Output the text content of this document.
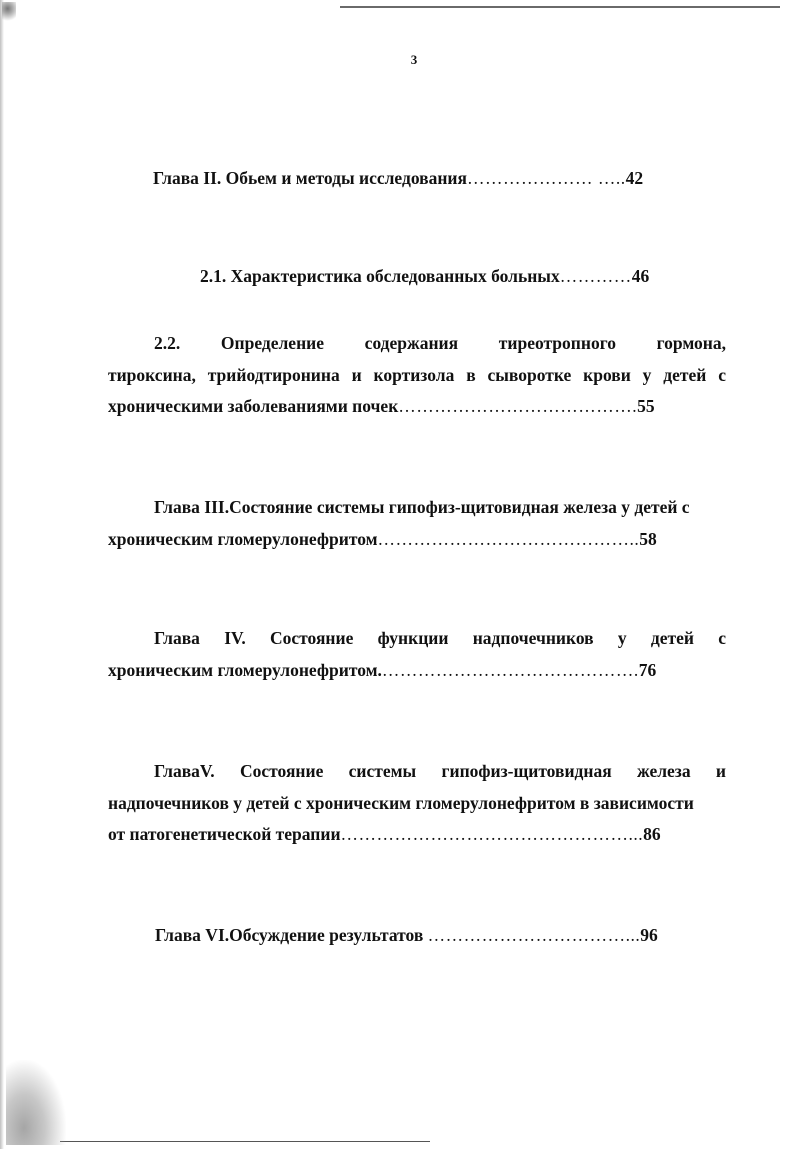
3
Глава II. Обьем и методы исследования………………… …..42
2.1. Характеристика обследованных больных…………46
2.2. Определение содержания тиреотропного гормона,
тироксина, трийодтиронина и кортизола в сыворотке крови у детей с
хроническими заболеваниями почек …………………………………. 55
Глава III.Состояние системы гипофиз-щитовидная железа у детей с
хроническим гломерулонефритом …………………………………….. 58
Глава IV. Состояние функции надпочечников у детей с
хроническим гломерулонефритом. ……………………………………. 76
ГлаваV. Состояние системы гипофиз-щитовидная железа и
надпочечников у детей с хроническим гломерулонефритом в зависимости
от патогенетической терапии …………………………………………... 86
Глава VI.Обсуждение результатов ……………………………...96
